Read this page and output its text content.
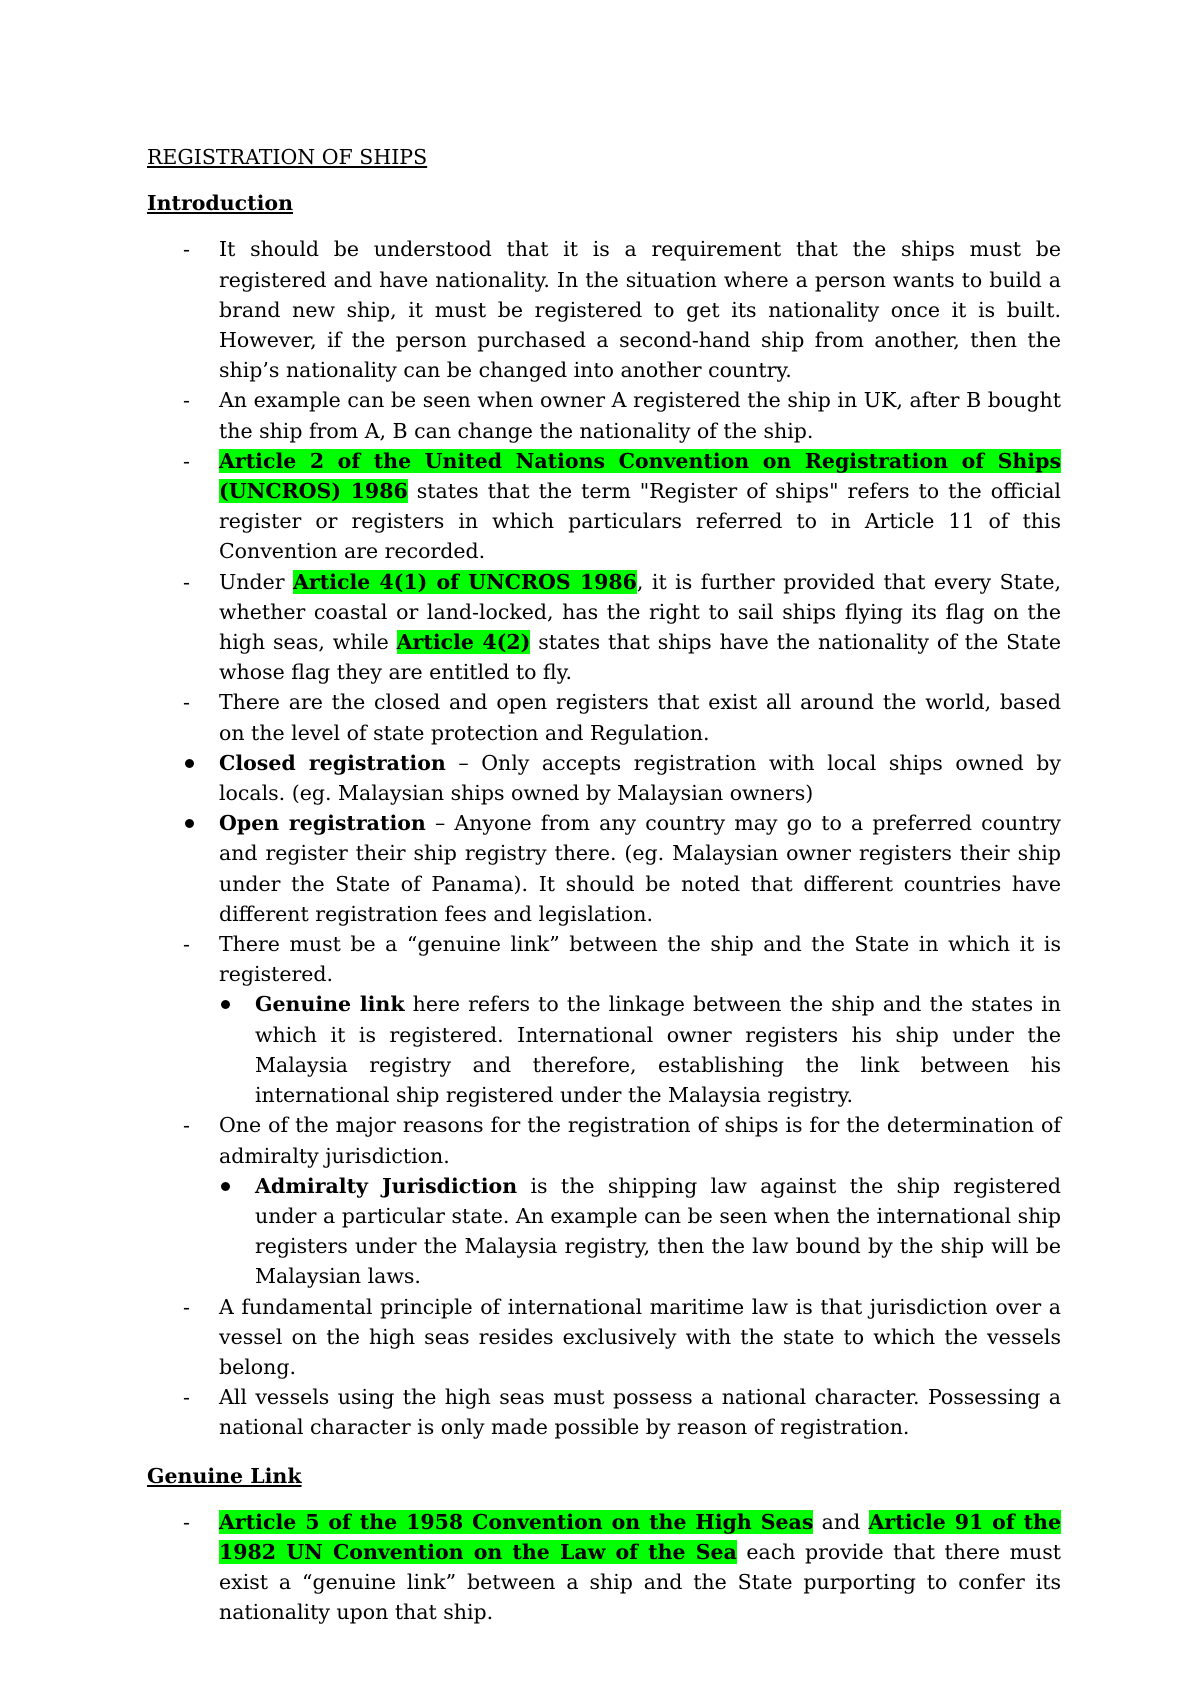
REGISTRATION OF SHIPS
Introduction
- It should be understood that it is a requirement that the ships must be registered and have nationality. In the situation where a person wants to build a brand new ship, it must be registered to get its nationality once it is built. However, if the person purchased a second-hand ship from another, then the ship’s nationality can be changed into another country.
- An example can be seen when owner A registered the ship in UK, after B bought the ship from A, B can change the nationality of the ship.
- Article 2 of the United Nations Convention on Registration of Ships (UNCROS) 1986 states that the term "Register of ships" refers to the official register or registers in which particulars referred to in Article 11 of this Convention are recorded.
- Under Article 4(1) of UNCROS 1986, it is further provided that every State, whether coastal or land-locked, has the right to sail ships flying its flag on the high seas, while Article 4(2) states that ships have the nationality of the State whose flag they are entitled to fly.
- There are the closed and open registers that exist all around the world, based on the level of state protection and Regulation.
Closed registration – Only accepts registration with local ships owned by locals. (eg. Malaysian ships owned by Malaysian owners)
Open registration – Anyone from any country may go to a preferred country and register their ship registry there. (eg. Malaysian owner registers their ship under the State of Panama). It should be noted that different countries have different registration fees and legislation.
- There must be a “genuine link” between the ship and the State in which it is registered.
Genuine link here refers to the linkage between the ship and the states in which it is registered. International owner registers his ship under the Malaysia registry and therefore, establishing the link between his international ship registered under the Malaysia registry.
- One of the major reasons for the registration of ships is for the determination of admiralty jurisdiction.
Admiralty Jurisdiction is the shipping law against the ship registered under a particular state. An example can be seen when the international ship registers under the Malaysia registry, then the law bound by the ship will be Malaysian laws.
- A fundamental principle of international maritime law is that jurisdiction over a vessel on the high seas resides exclusively with the state to which the vessels belong.
- All vessels using the high seas must possess a national character. Possessing a national character is only made possible by reason of registration.
Genuine Link
- Article 5 of the 1958 Convention on the High Seas and Article 91 of the 1982 UN Convention on the Law of the Sea each provide that there must exist a “genuine link” between a ship and the State purporting to confer its nationality upon that ship.
